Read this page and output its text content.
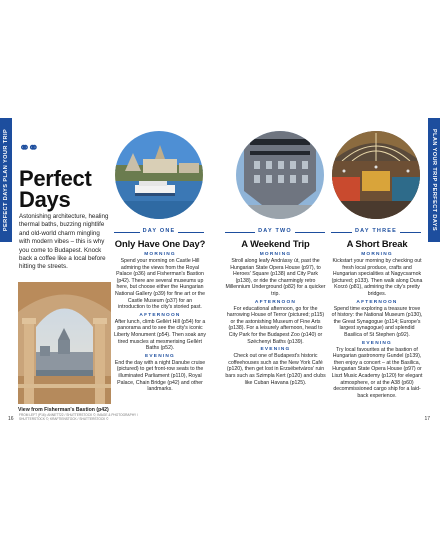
PERFECT DAYS PLAN YOUR TRIP	PLAN YOUR TRIP PERFECT DAYS
⚭⚭
Perfect
Days

Astonishing architecture, healing thermal baths, buzzing nightlife and old-world charm mingling with modern vibes – this is why you come to Budapest. Knock back a coffee like a local before hitting the streets.

View from Fisherman's Bastion (p42)
FROM LEFT (P16): ANNETT22 / SHUTTERSTOCK ©; IMAGE & PHOTOGRAPHY / SHUTTERSTOCK ©; KRAFTIENSTOCK / SHUTTERSTOCK ©
16	17
DAY ONE	DAY TWO	DAY THREE
Only Have One Day?
MORNING

Spend your morning on Castle Hill admiring the views from the Royal Palace (p36) and Fisherman's Bastion (p42). There are several museums up here, but choose either the Hungarian National Gallery (p39) for fine art or the Castle Museum (p37) for an introduction to the city's storied past.

AFTERNOON

After lunch, climb Gellért Hill (p54) for a panorama and to see the city's iconic Liberty Monument (p54). Then soak any tired muscles at mesmerising Gellért Baths (p52).

EVENING

End the day with a night Danube cruise (pictured) to get front-row seats to the illuminated Parliament (p110), Royal Palace, Chain Bridge (p42) and other landmarks.

A Weekend Trip
MORNING

Stroll along leafy Andrássy út, past the Hungarian State Opera House (p97), to Heroes' Square (p138) and City Park (p138), or ride the charmingly retro Millennium Underground (p82) for a quicker trip.

AFTERNOON

For educational afternoon, go for the harrowing House of Terror (pictured; p115) or the astonishing Museum of Fine Arts (p138). For a leisurely afternoon, head to City Park for the Budapest Zoo (p140) or Széchenyi Baths (p139).

EVENING

Check out one of Budapest's historic coffeehouses such as the New York Café (p120), then get lost in Erzsébetváros' ruin bars such as Szimpla Kert (p120) and clubs like Cuban Havana (p125).

A Short Break
MORNING

Kickstart your morning by checking out fresh local produce, crafts and Hungarian specialities at Nagycsarnok (pictured; p133). Then walk along Duna Korzó (p81), admiring the city's pretty bridges.

AFTERNOON

Spend time exploring a treasure trove of history: the National Museum (p130), the Great Synagogue (p114; Europe's largest synagogue) and splendid Basilica of St Stephen (p92).

EVENING

Try local favourites at the bastion of Hungarian gastronomy Gundel (p139), then enjoy a concert – at the Basilica, Hungarian State Opera House (p97) or Liszt Music Academy (p120) for elegant atmosphere, or at the A38 (p60) decommissioned cargo ship for a laid-back experience.
